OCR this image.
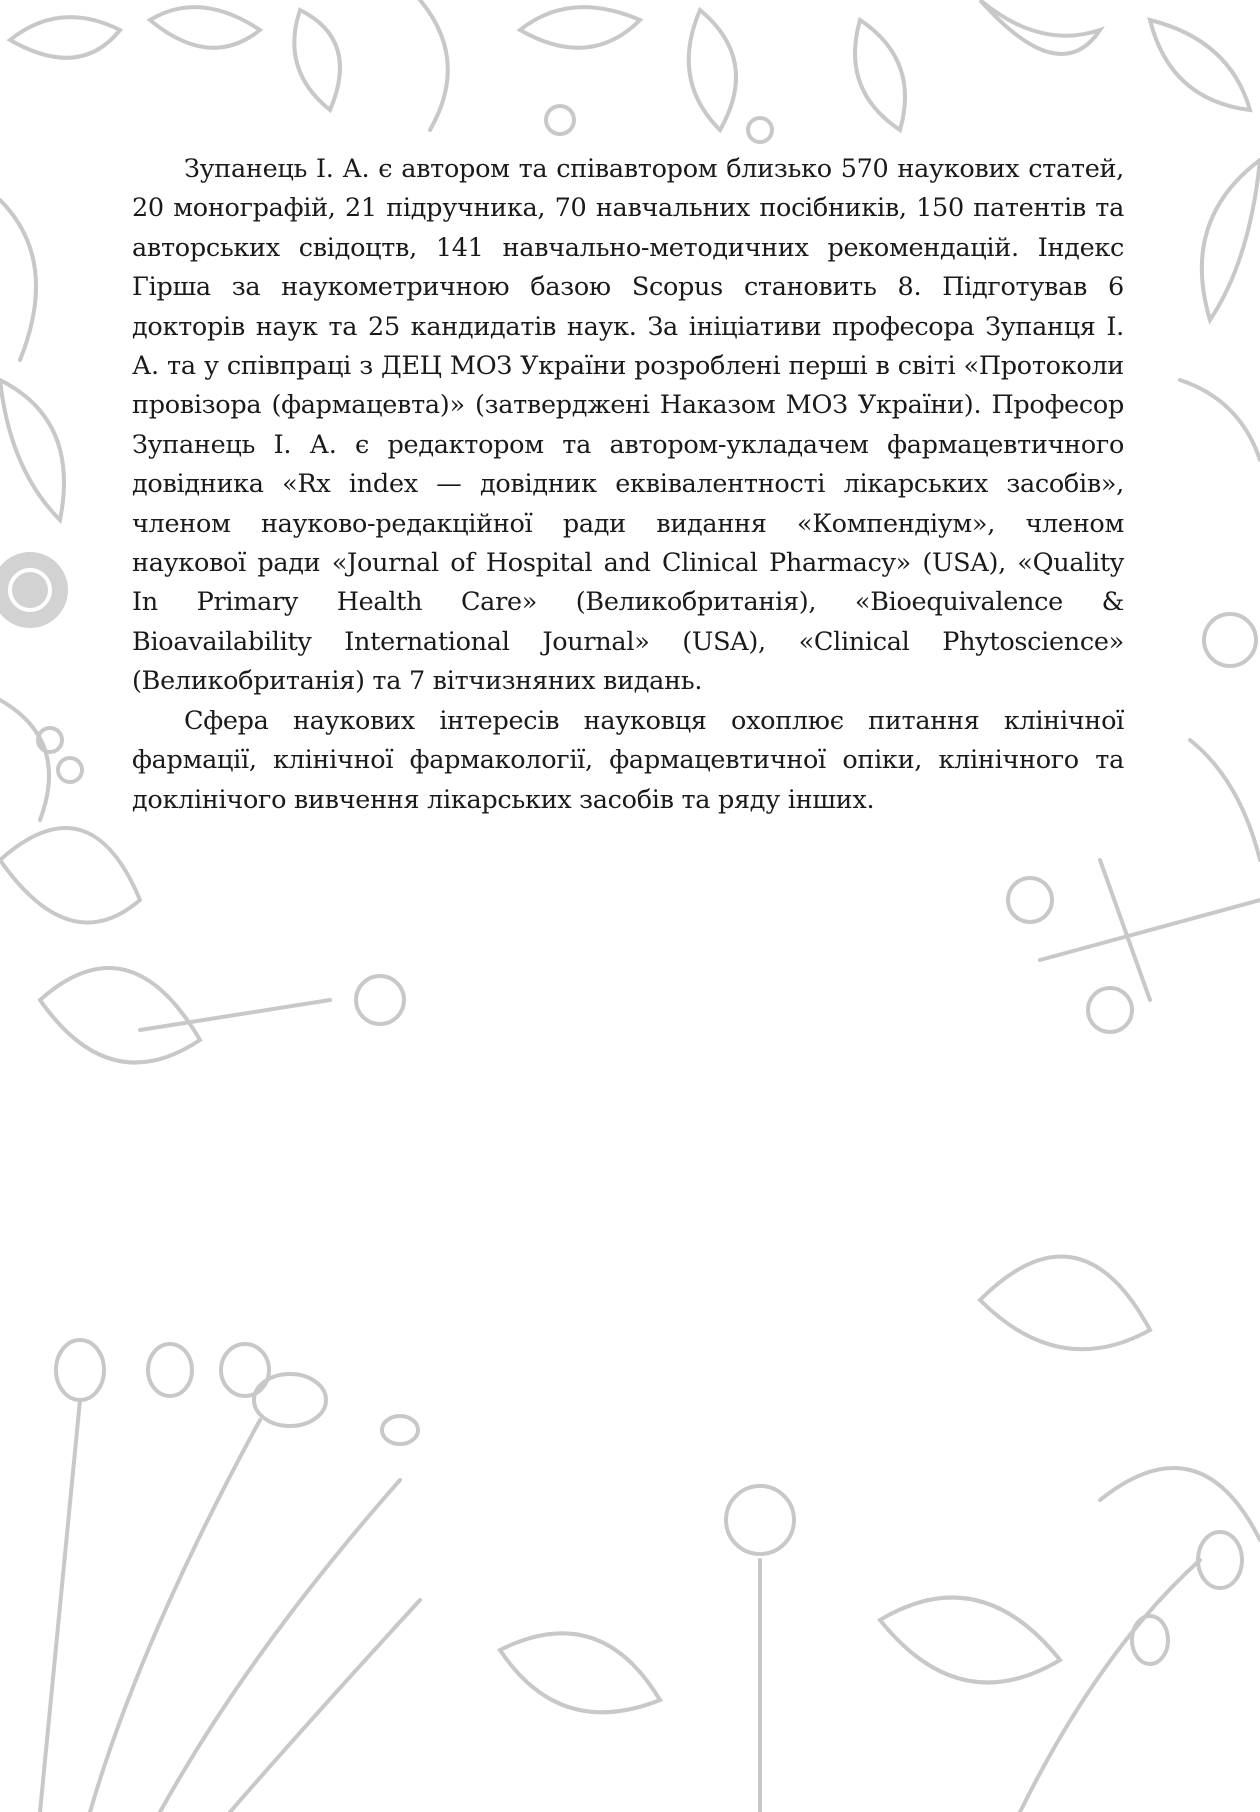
Зупанець І. А. є автором та співавтором близько 570 наукових статей, 20 монографій, 21 підручника, 70 навчальних посібників, 150 патентів та авторських свідоцтв, 141 навчально-методичних рекомендацій. Індекс Гірша за наукометричною базою Scopus становить 8. Підготував 6 докторів наук та 25 кандидатів наук. За ініціативи професора Зупанця І. А. та у співпраці з ДЕЦ МОЗ України розроблені перші в світі «Протоколи провізора (фармацевта)» (затверджені Наказом МОЗ України). Професор Зупанець І. А. є редактором та автором-укладачем фармацевтичного довідника «Rx index — довідник еквівалентності лікарських засобів», членом науково-редакційної ради видання «Компендіум», членом наукової ради «Journal of Hospital and Clinical Pharmacy» (USA), «Quality In Primary Health Care» (Великобританія), «Bioequivalence & Bioavailability International Journal» (USA), «Clinical Phytoscience» (Великобританія) та 7 вітчизняних видань.

Сфера наукових інтересів науковця охоплює питання клінічної фармації, клінічної фармакології, фармацевтичної опіки, клінічного та доклінічого вивчення лікарських засобів та ряду інших.
